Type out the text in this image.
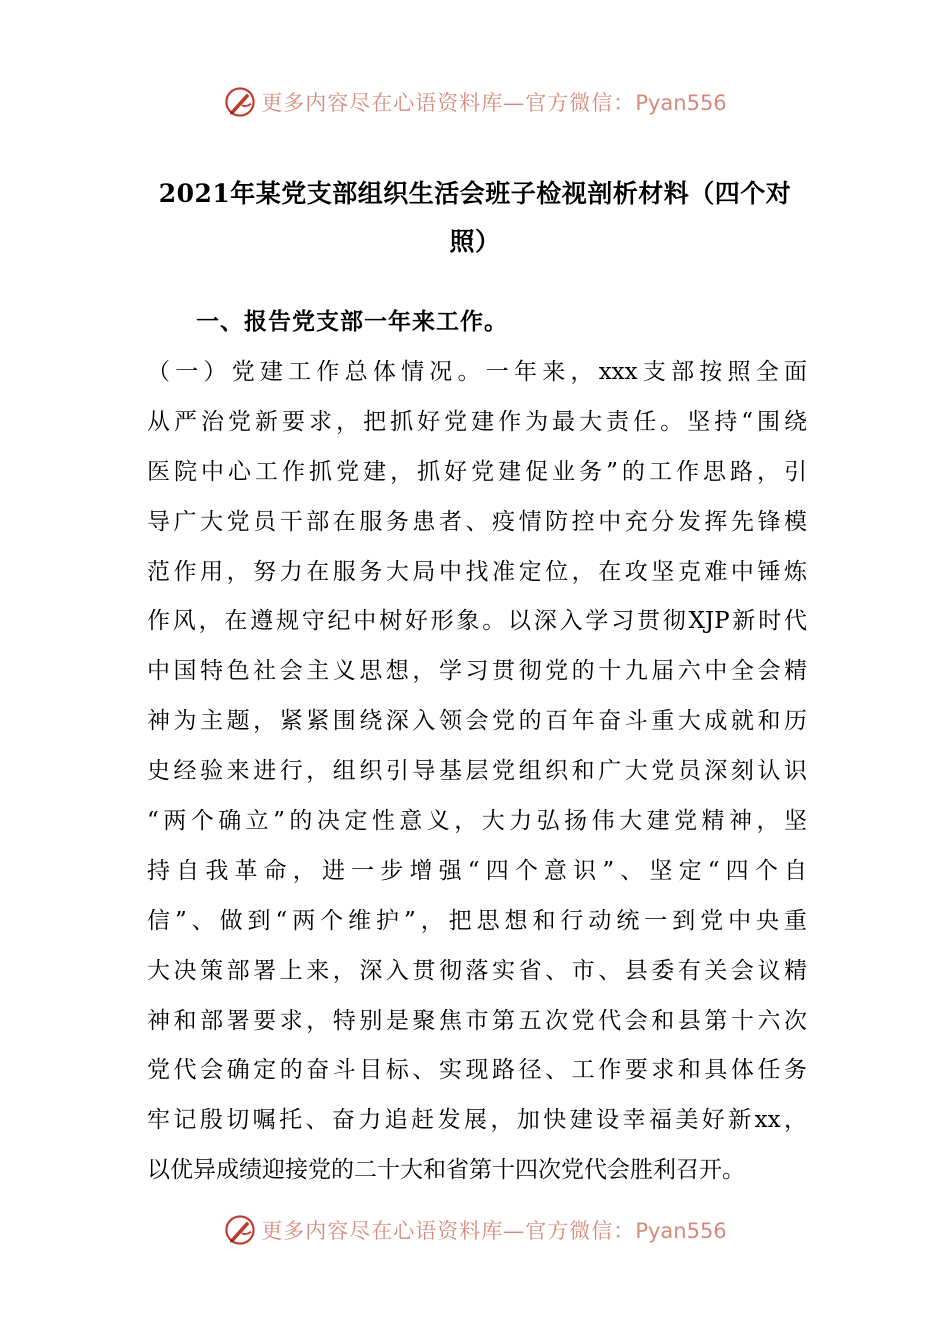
更多内容尽在心语资料库—官方微信：Pyan556
2021年某党支部组织生活会班子检视剖析材料（四个对
照）
一、报告党支部一年来工作。
（一）党建工作总体情况。一年来，xxx支部按照全面
从严治党新要求，把抓好党建作为最大责任。坚持“围绕
医院中心工作抓党建，抓好党建促业务”的工作思路，引
导广大党员干部在服务患者、疫情防控中充分发挥先锋模
范作用，努力在服务大局中找准定位，在攻坚克难中锤炼
作风，在遵规守纪中树好形象。以深入学习贯彻XJP新时代
中国特色社会主义思想，学习贯彻党的十九届六中全会精
神为主题，紧紧围绕深入领会党的百年奋斗重大成就和历
史经验来进行，组织引导基层党组织和广大党员深刻认识
“两个确立”的决定性意义，大力弘扬伟大建党精神，坚
持自我革命，进一步增强“四个意识”、坚定“四个自
信”、做到“两个维护”，把思想和行动统一到党中央重
大决策部署上来，深入贯彻落实省、市、县委有关会议精
神和部署要求，特别是聚焦市第五次党代会和县第十六次
党代会确定的奋斗目标、实现路径、工作要求和具体任务
牢记殷切嘱托、奋力追赶发展，加快建设幸福美好新xx，
以优异成绩迎接党的二十大和省第十四次党代会胜利召开。
更多内容尽在心语资料库—官方微信：Pyan556
